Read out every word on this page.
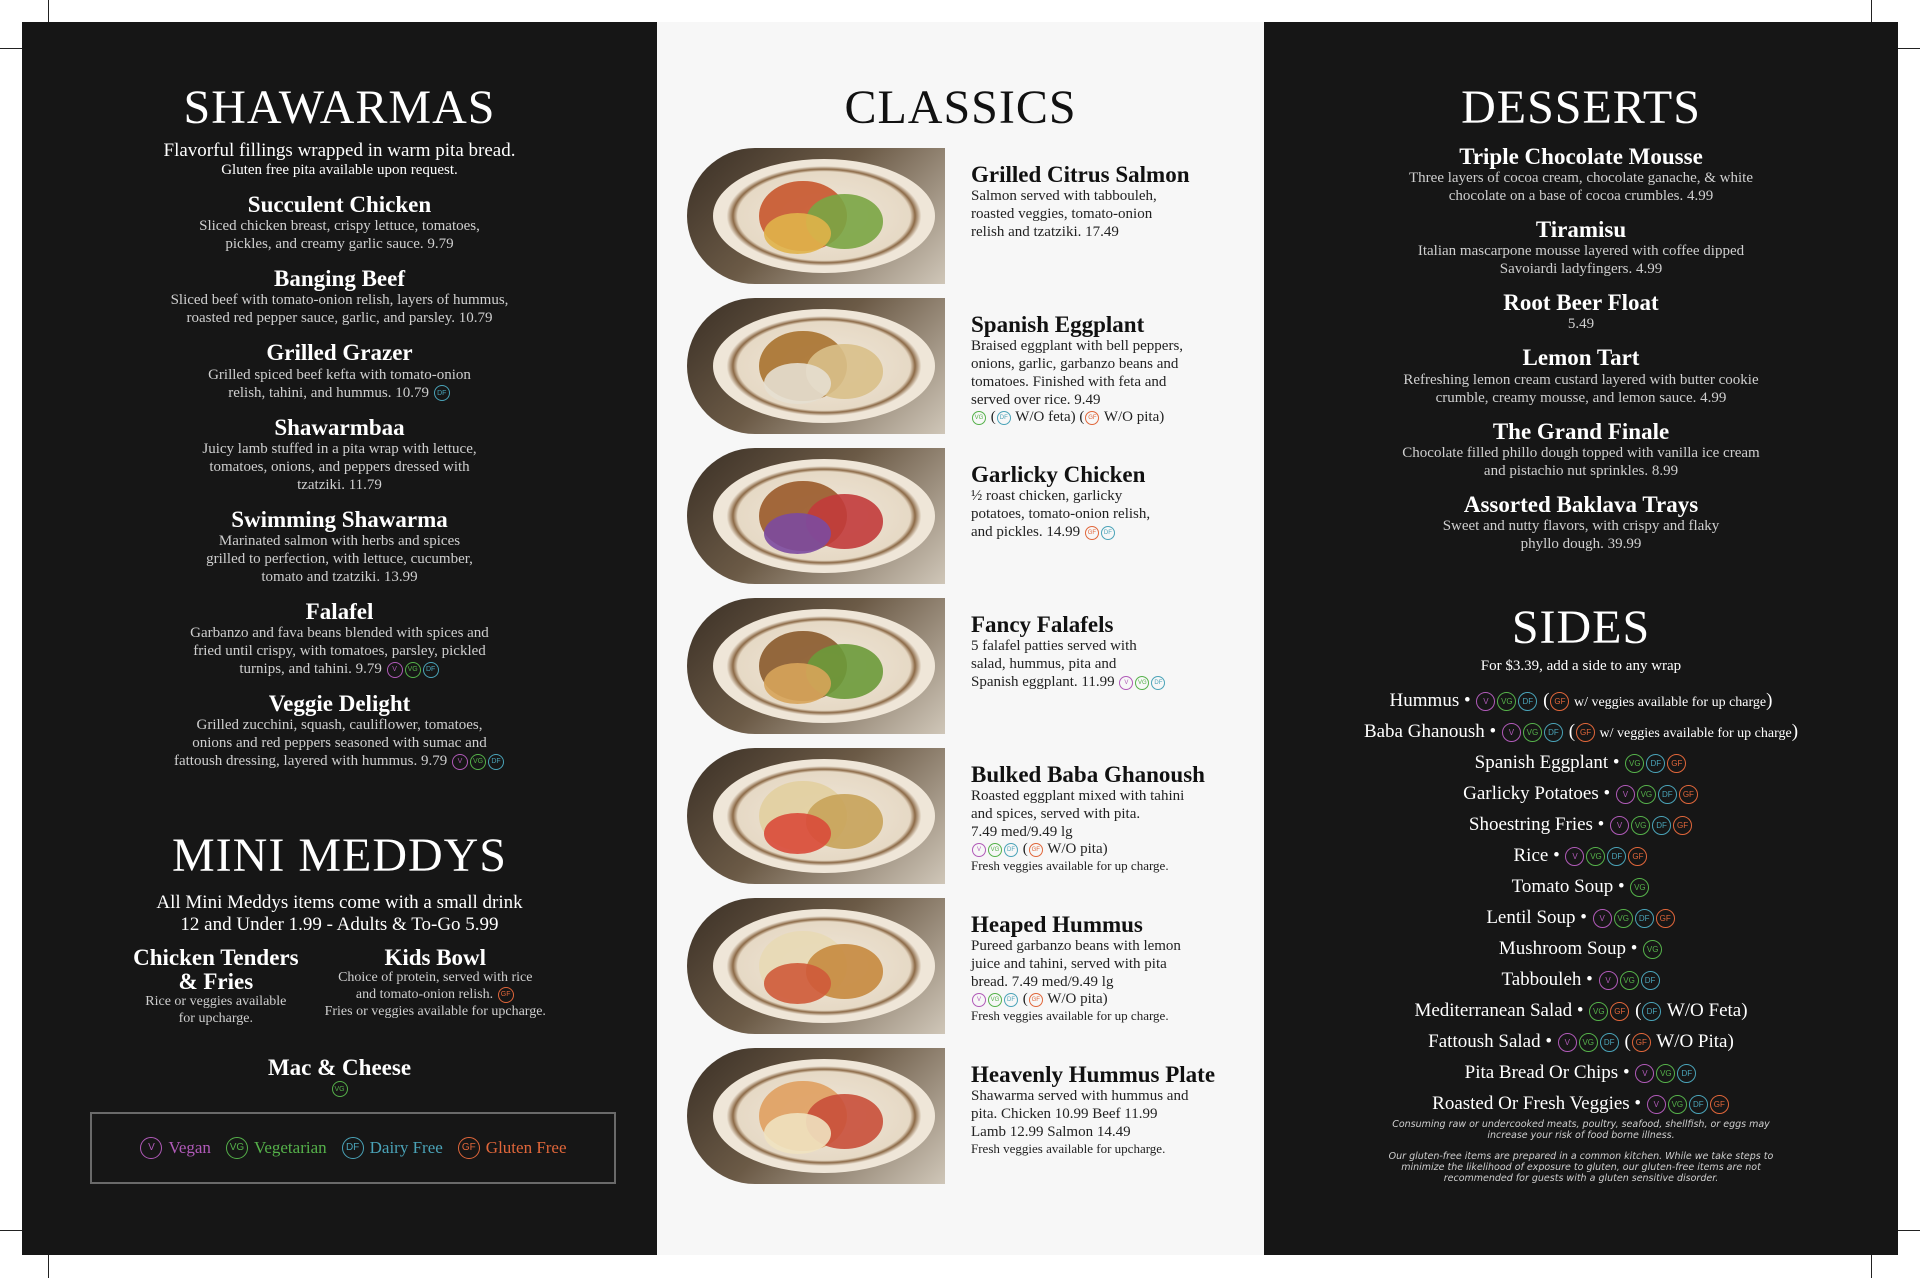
SHAWARMAS
Flavorful fillings wrapped in warm pita bread.
Gluten free pita available upon request.
Succulent Chicken
Sliced chicken breast, crispy lettuce, tomatoes,
pickles, and creamy garlic sauce. 9.79
Banging Beef
Sliced beef with tomato-onion relish, layers of hummus,
roasted red pepper sauce, garlic, and parsley. 10.79
Grilled Grazer
Grilled spiced beef kefta with tomato-onion
relish, tahini, and hummus. 10.79 DF
Shawarmbaa
Juicy lamb stuffed in a pita wrap with lettuce,
tomatoes, onions, and peppers dressed with
tzatziki. 11.79
Swimming Shawarma
Marinated salmon with herbs and spices
grilled to perfection, with lettuce, cucumber,
tomato and tzatziki. 13.99
Falafel
Garbanzo and fava beans blended with spices and
fried until crispy, with tomatoes, parsley, pickled
turnips, and tahini. 9.79 V VG DF
Veggie Delight
Grilled zucchini, squash, cauliflower, tomatoes,
onions and red peppers seasoned with sumac and
fattoush dressing, layered with hummus. 9.79 V VG DF
MINI MEDDYS
All Mini Meddys items come with a small drink
12 and Under 1.99 - Adults & To-Go 5.99
Chicken Tenders
& Fries
Rice or veggies available
for upcharge.
Kids Bowl
Choice of protein, served with rice
and tomato-onion relish. GF
Fries or veggies available for upcharge.
Mac & Cheese
VG
V Vegan	VG Vegetarian	DF Dairy Free	GF Gluten Free
CLASSICS
Grilled Citrus Salmon
Salmon served with tabbouleh,
roasted veggies, tomato-onion
relish and tzatziki. 17.49
Spanish Eggplant
Braised eggplant with bell peppers,
onions, garlic, garbanzo beans and
tomatoes. Finished with feta and
served over rice. 9.49
VG ( DF W/O feta) ( GF W/O pita)
Garlicky Chicken
½ roast chicken, garlicky
potatoes, tomato-onion relish,
and pickles. 14.99 GF DF
Fancy Falafels
5 falafel patties served with
salad, hummus, pita and
Spanish eggplant. 11.99 V VG DF
Bulked Baba Ghanoush
Roasted eggplant mixed with tahini
and spices, served with pita.
7.49 med/9.49 lg
V VG DF ( GF W/O pita)
Fresh veggies available for up charge.
Heaped Hummus
Pureed garbanzo beans with lemon
juice and tahini, served with pita
bread. 7.49 med/9.49 lg
V VG DF ( GF W/O pita)
Fresh veggies available for up charge.
Heavenly Hummus Plate
Shawarma served with hummus and
pita. Chicken 10.99 Beef 11.99
Lamb 12.99 Salmon 14.49
Fresh veggies available for upcharge.
DESSERTS
Triple Chocolate Mousse
Three layers of cocoa cream, chocolate ganache, & white
chocolate on a base of cocoa crumbles. 4.99
Tiramisu
Italian mascarpone mousse layered with coffee dipped
Savoiardi ladyfingers. 4.99
Root Beer Float
5.49
Lemon Tart
Refreshing lemon cream custard layered with butter cookie
crumble, creamy mousse, and lemon sauce. 4.99
The Grand Finale
Chocolate filled phillo dough topped with vanilla ice cream
and pistachio nut sprinkles. 8.99
Assorted Baklava Trays
Sweet and nutty flavors, with crispy and flaky
phyllo dough. 39.99
SIDES
For $3.39, add a side to any wrap
Hummus • V VG DF ( GF w/ veggies available for up charge)
Baba Ghanoush • V VG DF ( GF w/ veggies available for up charge)
Spanish Eggplant • VG DF GF
Garlicky Potatoes • V VG DF GF
Shoestring Fries • V VG DF GF
Rice • V VG DF GF
Tomato Soup • VG
Lentil Soup • V VG DF GF
Mushroom Soup • VG
Tabbouleh • V VG DF
Mediterranean Salad • VG GF ( DF W/O Feta)
Fattoush Salad • V VG DF ( GF W/O Pita)
Pita Bread Or Chips • V VG DF
Roasted Or Fresh Veggies • V VG DF GF

Consuming raw or undercooked meats, poultry, seafood, shellfish, or eggs may increase your risk of food borne illness.

Our gluten-free items are prepared in a common kitchen. While we take steps to minimize the likelihood of exposure to gluten, our gluten-free items are not recommended for guests with a gluten sensitive disorder.
